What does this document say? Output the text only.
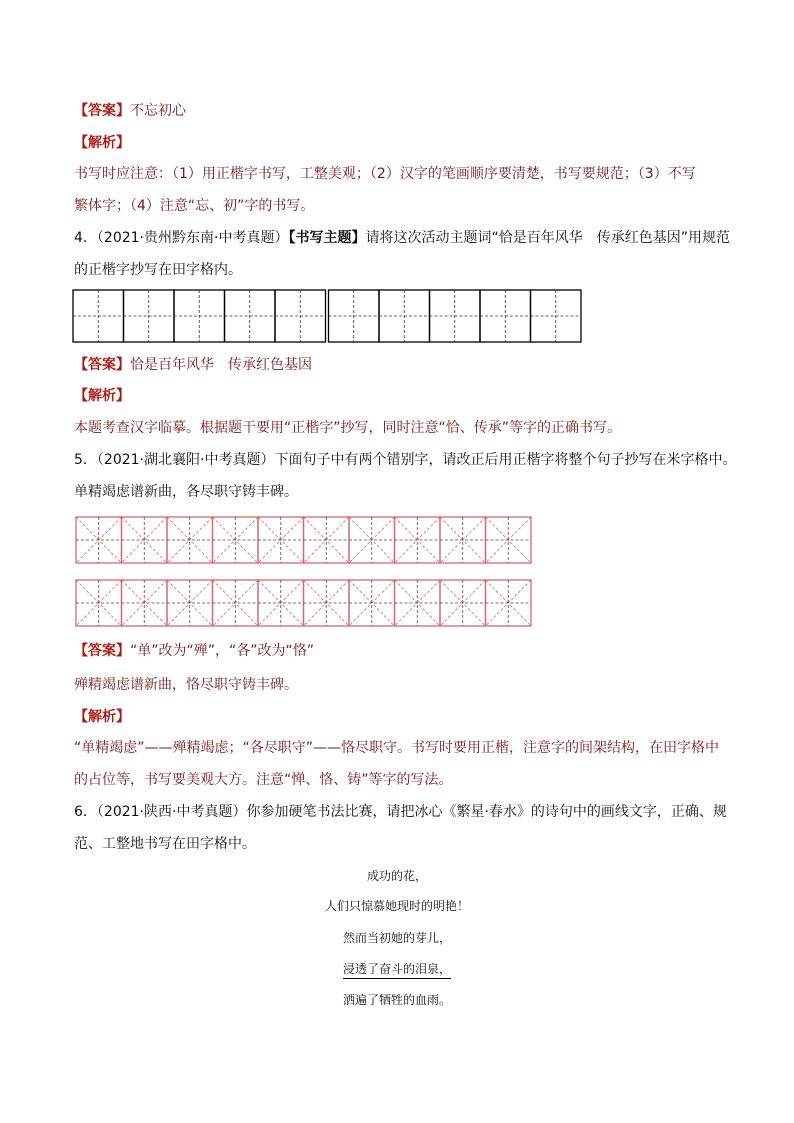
【答案】不忘初心
【解析】
书写时应注意：（1）用正楷字书写，工整美观；（2）汉字的笔画顺序要清楚，书写要规范；（3）不写
繁体字；（4）注意“忘、初”字的书写。
4．（2021·贵州黔东南·中考真题）【书写主题】请将这次活动主题词“恰是百年风华　传承红色基因”用规范
的正楷字抄写在田字格内。
【答案】恰是百年风华　传承红色基因
【解析】
本题考查汉字临摹。根据题干要用“正楷字”抄写，同时注意“恰、传承”等字的正确书写。
5．（2021·湖北襄阳·中考真题）下面句子中有两个错别字，请改正后用正楷字将整个句子抄写在米字格中。
单精竭虑谱新曲，各尽职守铸丰碑。
【答案】“单”改为“殚”，“各”改为“恪”
殚精竭虑谱新曲，恪尽职守铸丰碑。
【解析】
“单精竭虑”——殚精竭虑；“各尽职守”——恪尽职守。书写时要用正楷，注意字的间架结构，在田字格中
的占位等，书写要美观大方。注意“惮、恪、铸”等字的写法。
6．（2021·陕西·中考真题）你参加硬笔书法比赛，请把冰心《繁星·春水》的诗句中的画线文字，正确、规
范、工整地书写在田字格中。
成功的花，
人们只惊慕她现时的明艳！
然而当初她的芽儿，
浸透了奋斗的泪泉，
洒遍了牺牲的血雨。
